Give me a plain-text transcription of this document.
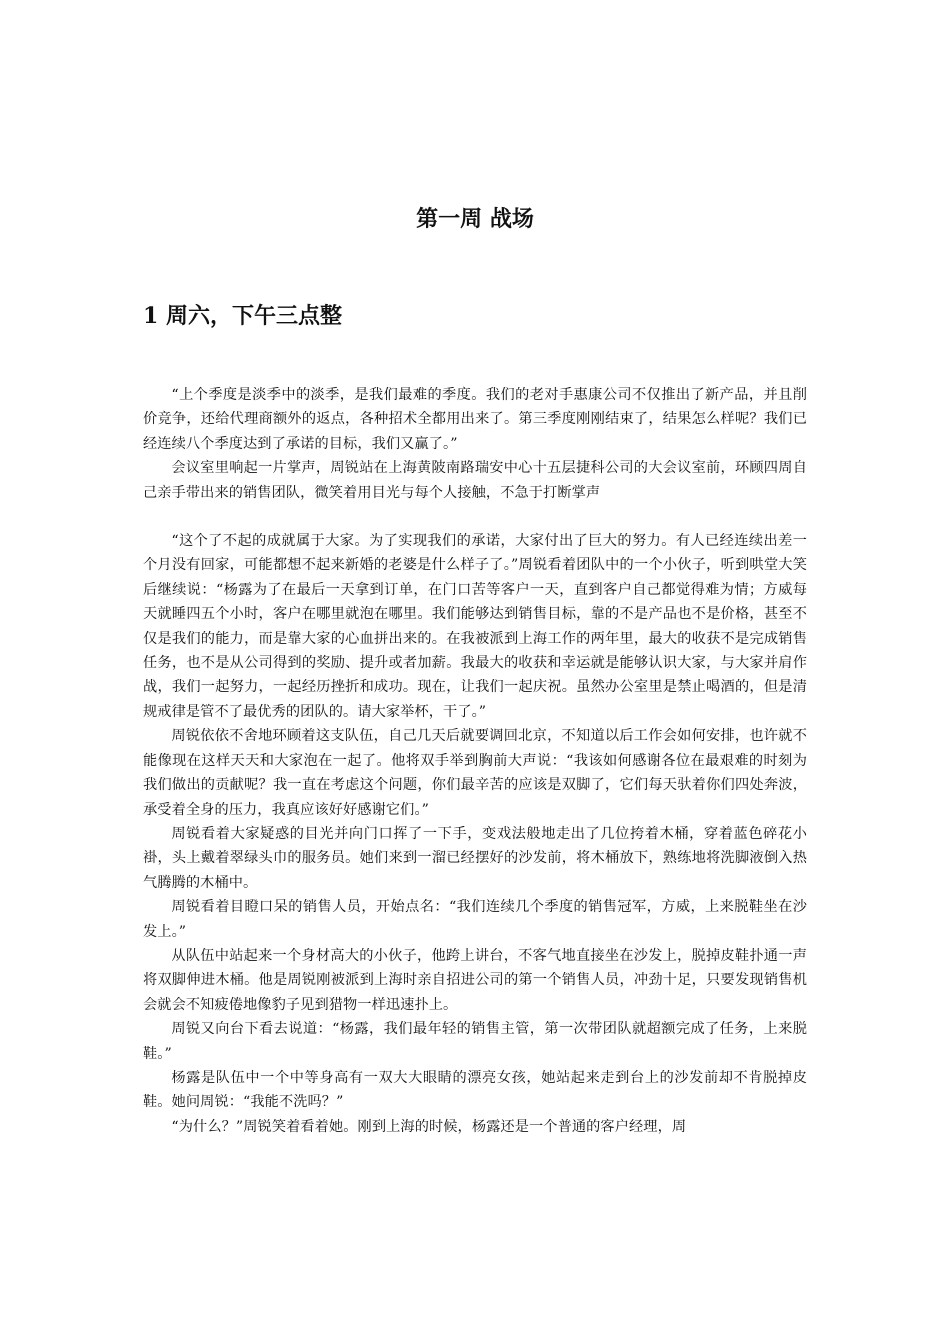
第一周 战场
1 周六，下午三点整

“上个季度是淡季中的淡季，是我们最难的季度。我们的老对手惠康公司不仅推出了新产品，并且削价竞争，还给代理商额外的返点，各种招术全都用出来了。第三季度刚刚结束了，结果怎么样呢？我们已经连续八个季度达到了承诺的目标，我们又赢了。”

会议室里响起一片掌声，周锐站在上海黄陂南路瑞安中心十五层捷科公司的大会议室前，环顾四周自己亲手带出来的销售团队，微笑着用目光与每个人接触，不急于打断掌声

“这个了不起的成就属于大家。为了实现我们的承诺，大家付出了巨大的努力。有人已经连续出差一个月没有回家，可能都想不起来新婚的老婆是什么样子了。”周锐看着团队中的一个小伙子，听到哄堂大笑后继续说：“杨露为了在最后一天拿到订单，在门口苦等客户一天，直到客户自己都觉得难为情；方威每天就睡四五个小时，客户在哪里就泡在哪里。我们能够达到销售目标，靠的不是产品也不是价格，甚至不仅是我们的能力，而是靠大家的心血拼出来的。在我被派到上海工作的两年里，最大的收获不是完成销售任务，也不是从公司得到的奖励、提升或者加薪。我最大的收获和幸运就是能够认识大家，与大家并肩作战，我们一起努力，一起经历挫折和成功。现在，让我们一起庆祝。虽然办公室里是禁止喝酒的，但是清规戒律是管不了最优秀的团队的。请大家举杯，干了。”

周锐依依不舍地环顾着这支队伍，自己几天后就要调回北京，不知道以后工作会如何安排，也许就不能像现在这样天天和大家泡在一起了。他将双手举到胸前大声说：“我该如何感谢各位在最艰难的时刻为我们做出的贡献呢？我一直在考虑这个问题，你们最辛苦的应该是双脚了，它们每天驮着你们四处奔波，承受着全身的压力，我真应该好好感谢它们。”

周锐看着大家疑惑的目光并向门口挥了一下手，变戏法般地走出了几位挎着木桶，穿着蓝色碎花小褂，头上戴着翠绿头巾的服务员。她们来到一溜已经摆好的沙发前，将木桶放下，熟练地将洗脚液倒入热气腾腾的木桶中。

周锐看着目瞪口呆的销售人员，开始点名：“我们连续几个季度的销售冠军，方威，上来脱鞋坐在沙发上。”

从队伍中站起来一个身材高大的小伙子，他跨上讲台，不客气地直接坐在沙发上，脱掉皮鞋扑通一声将双脚伸进木桶。他是周锐刚被派到上海时亲自招进公司的第一个销售人员，冲劲十足，只要发现销售机会就会不知疲倦地像豹子见到猎物一样迅速扑上。

周锐又向台下看去说道：“杨露，我们最年轻的销售主管，第一次带团队就超额完成了任务，上来脱鞋。”

杨露是队伍中一个中等身高有一双大大眼睛的漂亮女孩，她站起来走到台上的沙发前却不肯脱掉皮鞋。她问周锐：“我能不洗吗？”

“为什么？”周锐笑着看着她。刚到上海的时候，杨露还是一个普通的客户经理，周
